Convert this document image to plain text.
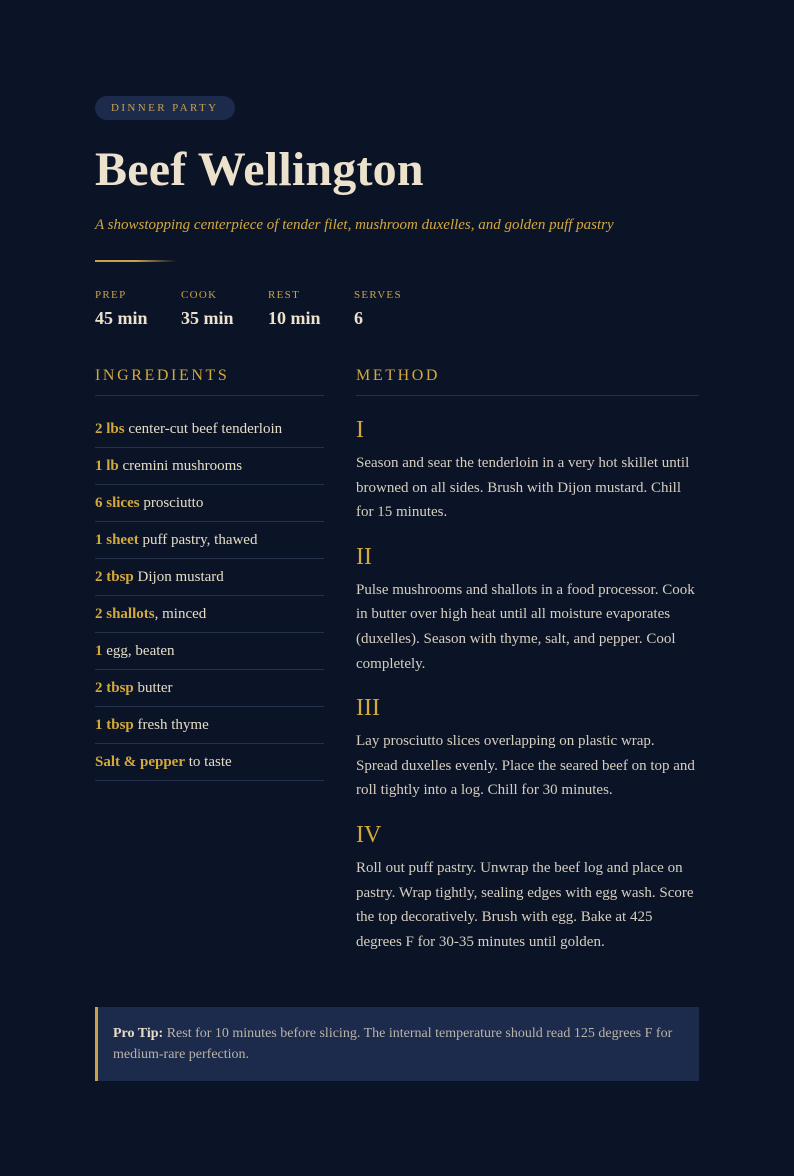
DINNER PARTY
Beef Wellington
A showstopping centerpiece of tender filet, mushroom duxelles, and golden puff pastry
PREP
45 min
COOK
35 min
REST
10 min
SERVES
6
INGREDIENTS
2 lbs center-cut beef tenderloin
1 lb cremini mushrooms
6 slices prosciutto
1 sheet puff pastry, thawed
2 tbsp Dijon mustard
2 shallots, minced
1 egg, beaten
2 tbsp butter
1 tbsp fresh thyme
Salt & pepper to taste
METHOD
I
Season and sear the tenderloin in a very hot skillet until browned on all sides. Brush with Dijon mustard. Chill for 15 minutes.
II
Pulse mushrooms and shallots in a food processor. Cook in butter over high heat until all moisture evaporates (duxelles). Season with thyme, salt, and pepper. Cool completely.
III
Lay prosciutto slices overlapping on plastic wrap. Spread duxelles evenly. Place the seared beef on top and roll tightly into a log. Chill for 30 minutes.
IV
Roll out puff pastry. Unwrap the beef log and place on pastry. Wrap tightly, sealing edges with egg wash. Score the top decoratively. Brush with egg. Bake at 425 degrees F for 30-35 minutes until golden.
Pro Tip: Rest for 10 minutes before slicing. The internal temperature should read 125 degrees F for medium-rare perfection.
